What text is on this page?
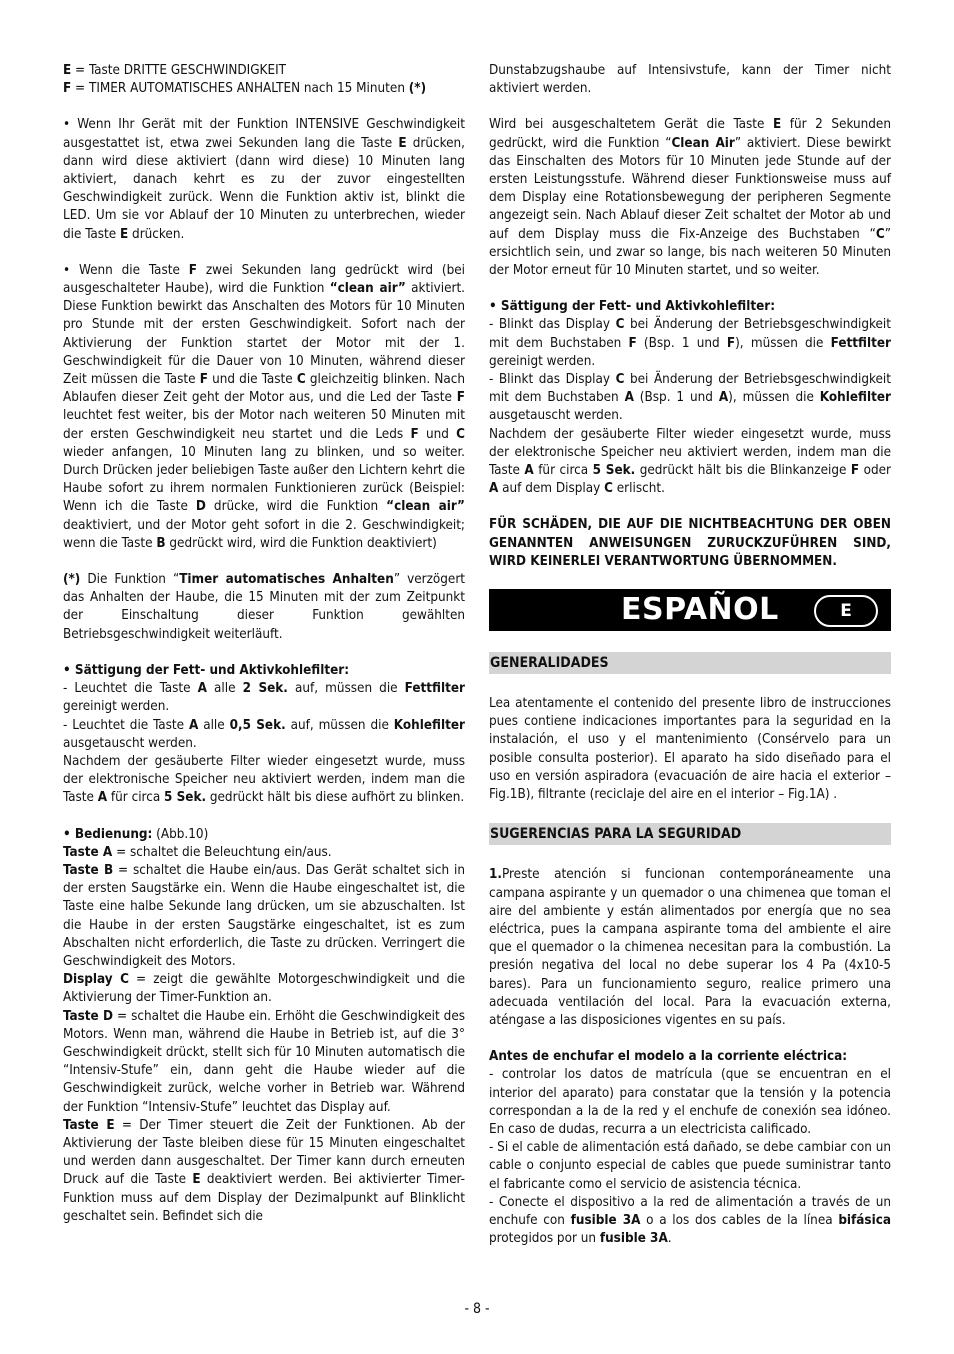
E = Taste DRITTE GESCHWINDIGKEIT

F = TIMER AUTOMATISCHES ANHALTEN nach 15 Minuten (*)

• Wenn Ihr Gerät mit der Funktion INTENSIVE Geschwindigkeit ausgestattet ist, etwa zwei Sekunden lang die Taste E drücken, dann wird diese aktiviert (dann wird diese) 10 Minuten lang aktiviert, danach kehrt es zu der zuvor eingestellten Geschwindigkeit zurück. Wenn die Funktion aktiv ist, blinkt die LED. Um sie vor Ablauf der 10 Minuten zu unterbrechen, wieder die Taste E drücken.

• Wenn die Taste F zwei Sekunden lang gedrückt wird (bei ausgeschalteter Haube), wird die Funktion “clean air” aktiviert. Diese Funktion bewirkt das Anschalten des Motors für 10 Minuten pro Stunde mit der ersten Geschwindigkeit. Sofort nach der Aktivierung der Funktion startet der Motor mit der 1. Geschwindigkeit für die Dauer von 10 Minuten, während dieser Zeit müssen die Taste F und die Taste C gleichzeitig blinken. Nach Ablaufen dieser Zeit geht der Motor aus, und die Led der Taste F leuchtet fest weiter, bis der Motor nach weiteren 50 Minuten mit der ersten Geschwindigkeit neu startet und die Leds F und C wieder anfangen, 10 Minuten lang zu blinken, und so weiter. Durch Drücken jeder beliebigen Taste außer den Lichtern kehrt die Haube sofort zu ihrem normalen Funktionieren zurück (Beispiel: Wenn ich die Taste D drücke, wird die Funktion “clean air” deaktiviert, und der Motor geht sofort in die 2. Geschwindigkeit; wenn die Taste B gedrückt wird, wird die Funktion deaktiviert)

(*) Die Funktion “Timer automatisches Anhalten” verzögert das Anhalten der Haube, die 15 Minuten mit der zum Zeitpunkt der Einschaltung dieser Funktion gewählten Betriebsgeschwindigkeit weiterläuft.

• Sättigung der Fett- und Aktivkohlefilter:

- Leuchtet die Taste A alle 2 Sek. auf, müssen die Fettfilter gereinigt werden.

- Leuchtet die Taste A alle 0,5 Sek. auf, müssen die Kohlefilter ausgetauscht werden.

Nachdem der gesäuberte Filter wieder eingesetzt wurde, muss der elektronische Speicher neu aktiviert werden, indem man die Taste A für circa 5 Sek. gedrückt hält bis diese aufhört zu blinken.

• Bedienung: (Abb.10)

Taste A = schaltet die Beleuchtung ein/aus.

Taste B = schaltet die Haube ein/aus. Das Gerät schaltet sich in der ersten Saugstärke ein. Wenn die Haube eingeschaltet ist, die Taste eine halbe Sekunde lang drücken, um sie abzuschalten. Ist die Haube in der ersten Saugstärke eingeschaltet, ist es zum Abschalten nicht erforderlich, die Taste zu drücken. Verringert die Geschwindigkeit des Motors.

Display C = zeigt die gewählte Motorgeschwindigkeit und die Aktivierung der Timer-Funktion an.

Taste D = schaltet die Haube ein. Erhöht die Geschwindigkeit des Motors. Wenn man, während die Haube in Betrieb ist, auf die 3° Geschwindigkeit drückt, stellt sich für 10 Minuten automatisch die “Intensiv-Stufe” ein, dann geht die Haube wieder auf die Geschwindigkeit zurück, welche vorher in Betrieb war. Während der Funktion “Intensiv-Stufe” leuchtet das Display auf.

Taste E = Der Timer steuert die Zeit der Funktionen. Ab der Aktivierung der Taste bleiben diese für 15 Minuten eingeschaltet und werden dann ausgeschaltet. Der Timer kann durch erneuten Druck auf die Taste E deaktiviert werden. Bei aktivierter Timer-Funktion muss auf dem Display der Dezimalpunkt auf Blinklicht geschaltet sein. Befindet sich die

Dunstabzugshaube auf Intensivstufe, kann der Timer nicht aktiviert werden.

Wird bei ausgeschaltetem Gerät die Taste E für 2 Sekunden gedrückt, wird die Funktion “Clean Air” aktiviert. Diese bewirkt das Einschalten des Motors für 10 Minuten jede Stunde auf der ersten Leistungsstufe. Während dieser Funktionsweise muss auf dem Display eine Rotationsbewegung der peripheren Segmente angezeigt sein. Nach Ablauf dieser Zeit schaltet der Motor ab und auf dem Display muss die Fix-Anzeige des Buchstaben “C” ersichtlich sein, und zwar so lange, bis nach weiteren 50 Minuten der Motor erneut für 10 Minuten startet, und so weiter.

• Sättigung der Fett- und Aktivkohlefilter:

- Blinkt das Display C bei Änderung der Betriebsgeschwindigkeit mit dem Buchstaben F (Bsp. 1 und F), müssen die Fettfilter gereinigt werden.

- Blinkt das Display C bei Änderung der Betriebsgeschwindigkeit mit dem Buchstaben A (Bsp. 1 und A), müssen die Kohlefilter ausgetauscht werden.

Nachdem der gesäuberte Filter wieder eingesetzt wurde, muss der elektronische Speicher neu aktiviert werden, indem man die Taste A für circa 5 Sek. gedrückt hält bis die Blinkanzeige F oder A auf dem Display C erlischt.

FÜR SCHÄDEN, DIE AUF DIE NICHTBEACHTUNG DER OBEN GENANNTEN ANWEISUNGEN ZURUCKZUFÜHREN SIND, WIRD KEINERLEI VERANTWORTUNG ÜBERNOMMEN.

ESPAÑOL	E
GENERALIDADES

Lea atentamente el contenido del presente libro de instrucciones pues contiene indicaciones importantes para la seguridad en la instalación, el uso y el mantenimiento (Consérvelo para un posible consulta posterior). El aparato ha sido diseñado para el uso en versión aspiradora (evacuación de aire hacia el exterior – Fig.1B), filtrante (reciclaje del aire en el interior – Fig.1A) .

SUGERENCIAS PARA LA SEGURIDAD

1.Preste atención si funcionan contemporáneamente una campana aspirante y un quemador o una chimenea que toman el aire del ambiente y están alimentados por energía que no sea eléctrica, pues la campana aspirante toma del ambiente el aire que el quemador o la chimenea necesitan para la combustión. La presión negativa del local no debe superar los 4 Pa (4x10-5 bares). Para un funcionamiento seguro, realice primero una adecuada ventilación del local. Para la evacuación externa, aténgase a las disposiciones vigentes en su país.

Antes de enchufar el modelo a la corriente eléctrica:

- controlar los datos de matrícula (que se encuentran en el interior del aparato) para constatar que la tensión y la potencia correspondan a la de la red y el enchufe de conexión sea idóneo. En caso de dudas, recurra a un electricista calificado.

- Si el cable de alimentación está dañado, se debe cambiar con un cable o conjunto especial de cables que puede suministrar tanto el fabricante como el servicio de asistencia técnica.

- Conecte el dispositivo a la red de alimentación a través de un enchufe con fusible 3A o a los dos cables de la línea bifásica protegidos por un fusible 3A.

- 8 -
